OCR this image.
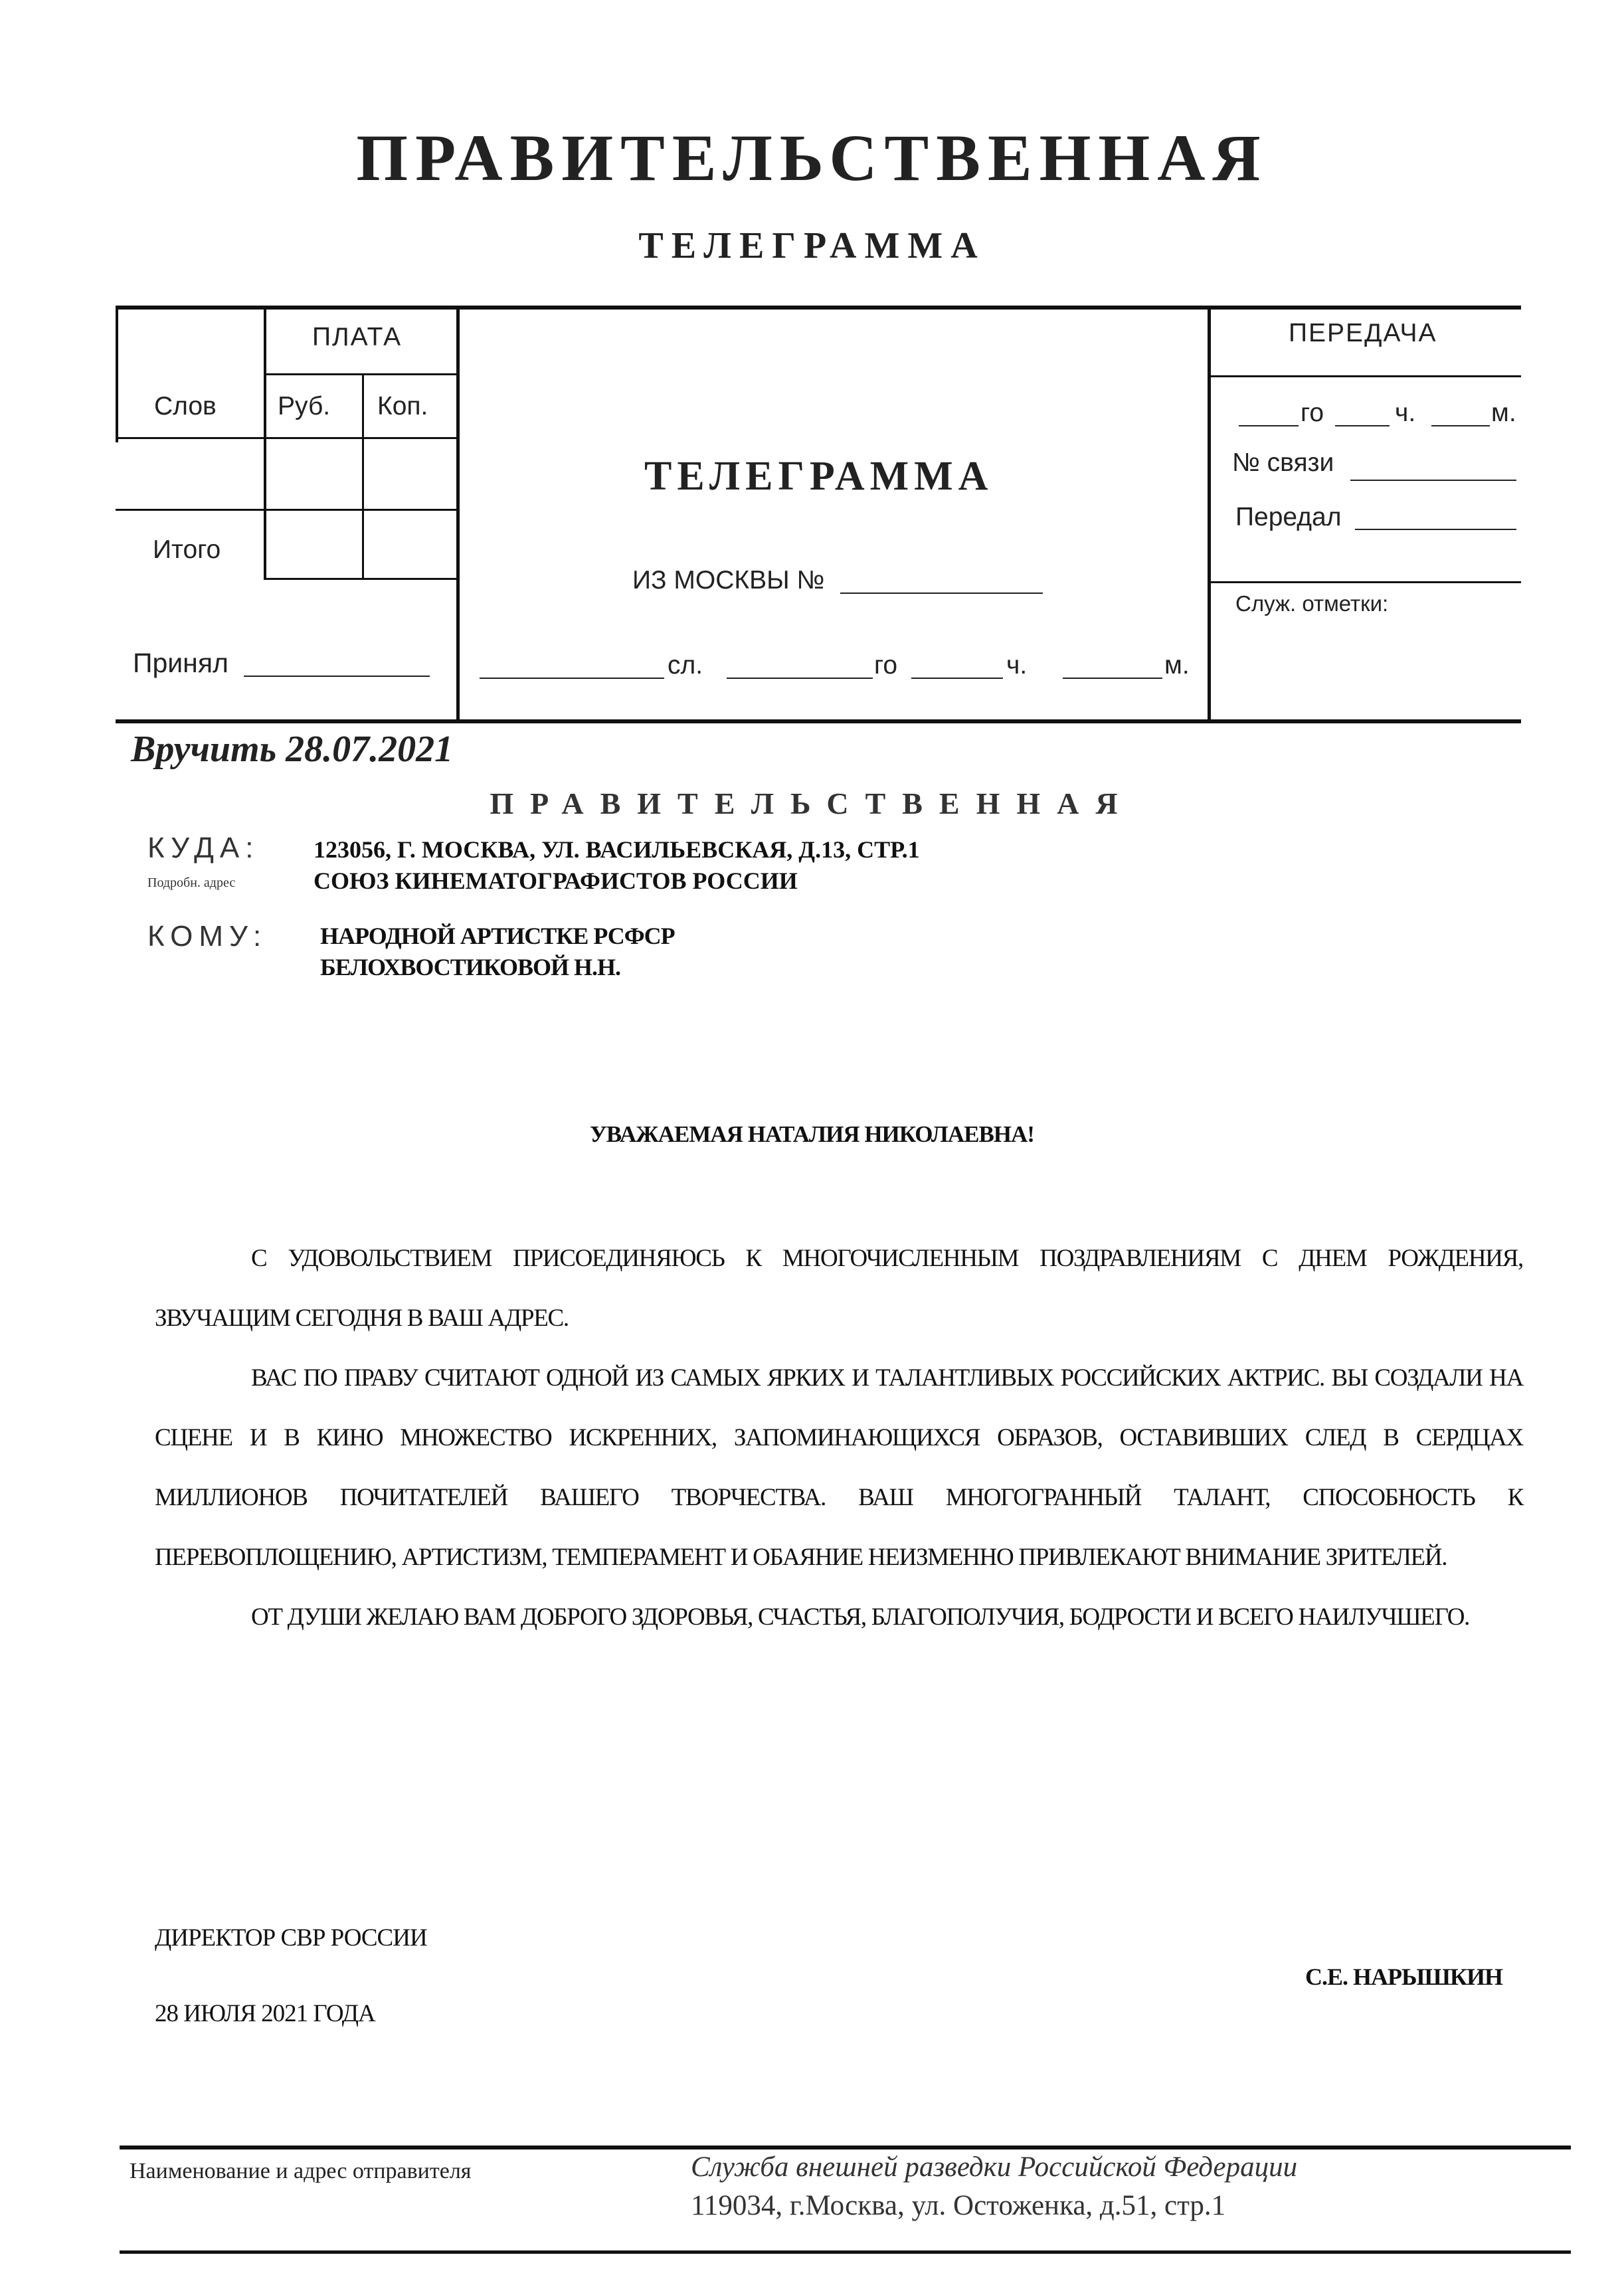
ПРАВИТЕЛЬСТВЕННАЯ
ТЕЛЕГРАММА
ПЛАТА
Слов Руб. Коп.
Итого
Принял
ТЕЛЕГРАММА
ИЗ МОСКВЫ №
сл.	го	ч.	м.
ПЕРЕДАЧА
го	ч.	м.
№ связи
Передал
Служ. отметки:
Вручить 28.07.2021
ПРАВИТЕЛЬСТВЕННАЯ
КУДА: 123056, Г. МОСКВА, УЛ. ВАСИЛЬЕВСКАЯ, Д.13, СТР.1
Подробн. адрес	СОЮЗ КИНЕМАТОГРАФИСТОВ РОССИИ
КОМУ: НАРОДНОЙ АРТИСТКЕ РСФСР
БЕЛОХВОСТИКОВОЙ Н.Н.
УВАЖАЕМАЯ НАТАЛИЯ НИКОЛАЕВНА!

С УДОВОЛЬСТВИЕМ ПРИСОЕДИНЯЮСЬ К МНОГОЧИСЛЕННЫМ ПОЗДРАВЛЕНИЯМ С ДНЕМ РОЖДЕНИЯ, ЗВУЧАЩИМ СЕГОДНЯ В ВАШ АДРЕС.

ВАС ПО ПРАВУ СЧИТАЮТ ОДНОЙ ИЗ САМЫХ ЯРКИХ И ТАЛАНТЛИВЫХ РОССИЙСКИХ АКТРИС. ВЫ СОЗДАЛИ НА СЦЕНЕ И В КИНО МНОЖЕСТВО ИСКРЕННИХ, ЗАПОМИНАЮЩИХСЯ ОБРАЗОВ, ОСТАВИВШИХ СЛЕД В СЕРДЦАХ МИЛЛИОНОВ ПОЧИТАТЕЛЕЙ ВАШЕГО ТВОРЧЕСТВА. ВАШ МНОГОГРАННЫЙ ТАЛАНТ, СПОСОБНОСТЬ К ПЕРЕВОПЛОЩЕНИЮ, АРТИСТИЗМ, ТЕМПЕРАМЕНТ И ОБАЯНИЕ НЕИЗМЕННО ПРИВЛЕКАЮТ ВНИМАНИЕ ЗРИТЕЛЕЙ.

ОТ ДУШИ ЖЕЛАЮ ВАМ ДОБРОГО ЗДОРОВЬЯ, СЧАСТЬЯ, БЛАГОПОЛУЧИЯ, БОДРОСТИ И ВСЕГО НАИЛУЧШЕГО.

ДИРЕКТОР СВР РОССИИ
С.Е. НАРЫШКИН
28 ИЮЛЯ 2021 ГОДА
Наименование и адрес отправителя	Служба внешней разведки Российской Федерации
119034, г.Москва, ул. Остоженка, д.51, стр.1
